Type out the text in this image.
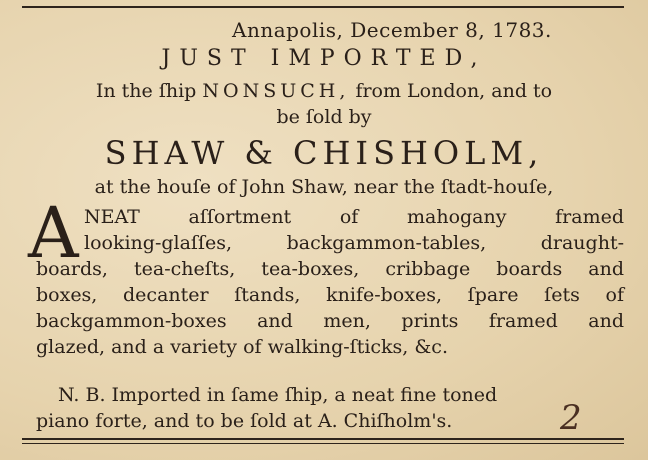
Annapolis, December 8, 1783.
JUST IMPORTED,
In the ſhip NONSUCH, from London, and to
be ſold by
SHAW & CHISHOLM,
at the houſe of John Shaw, near the ſtadt-houſe,
A NEAT aſſortment of mahogany framed
looking-glaſſes, backgammon-tables, draught-
boards, tea-cheſts, tea-boxes, cribbage boards and
boxes, decanter ſtands, knife-boxes, ſpare ſets of
backgammon-boxes and men, prints framed and
glazed, and a variety of walking-ſticks, &c.
N. B. Imported in ſame ſhip, a neat fine toned
piano forte, and to be ſold at A. Chiſholm's.	2
